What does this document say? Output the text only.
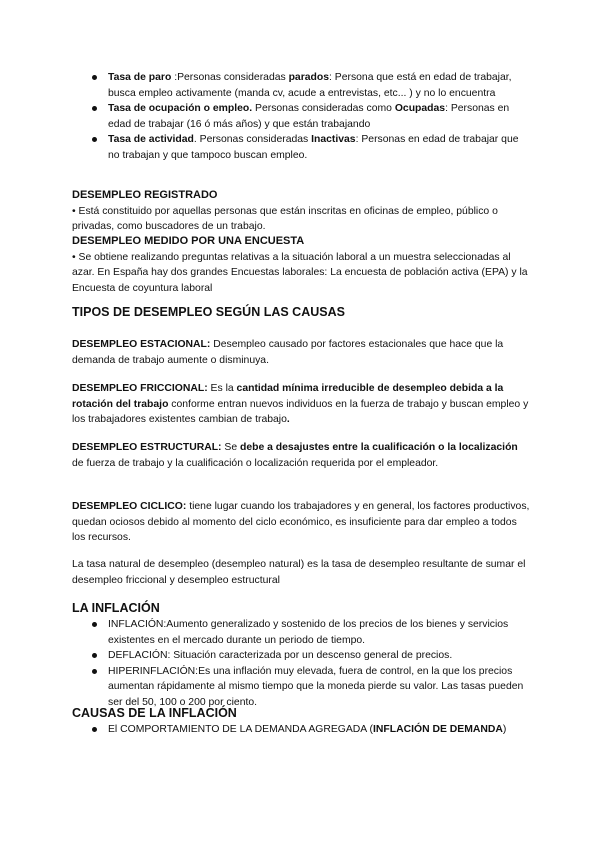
Tasa de paro :Personas consideradas parados: Persona que está en edad de trabajar, busca empleo activamente (manda cv, acude a entrevistas, etc... ) y no lo encuentra
Tasa de ocupación o empleo. Personas consideradas como Ocupadas: Personas en edad de trabajar (16 ó más años) y que están trabajando
Tasa de actividad. Personas consideradas Inactivas: Personas en edad de trabajar que no trabajan y que tampoco buscan empleo.
DESEMPLEO REGISTRADO
• Está constituido por aquellas personas que están inscritas en oficinas de empleo, público o privadas, como buscadores de un trabajo.
DESEMPLEO MEDIDO POR UNA ENCUESTA
• Se obtiene realizando preguntas relativas a la situación laboral a un muestra seleccionadas al azar. En España hay dos grandes Encuestas laborales: La encuesta de población activa (EPA) y la Encuesta de coyuntura laboral
TIPOS DE DESEMPLEO SEGÚN LAS CAUSAS
DESEMPLEO ESTACIONAL: Desempleo causado por factores estacionales que hace que la demanda de trabajo aumente o disminuya.
DESEMPLEO FRICCIONAL: Es la cantidad mínima irreducible de desempleo debida a la rotación del trabajo conforme entran nuevos individuos en la fuerza de trabajo y buscan empleo y los trabajadores existentes cambian de trabajo.
DESEMPLEO ESTRUCTURAL: Se debe a desajustes entre la cualificación o la localización de fuerza de trabajo y la cualificación o localización requerida por el empleador.
DESEMPLEO CICLICO: tiene lugar cuando los trabajadores y en general, los factores productivos, quedan ociosos debido al momento del ciclo económico, es insuficiente para dar empleo a todos los recursos.
La tasa natural de desempleo (desempleo natural) es la tasa de desempleo resultante de sumar el desempleo friccional y desempleo estructural
LA INFLACIÓN
INFLACIÓN:Aumento generalizado y sostenido de los precios de los bienes y servicios existentes en el mercado durante un periodo de tiempo.
DEFLACIÓN: Situación caracterizada por un descenso general de precios.
HIPERINFLACIÓN:Es una inflación muy elevada, fuera de control, en la que los precios aumentan rápidamente al mismo tiempo que la moneda pierde su valor. Las tasas pueden ser del 50, 100 o 200 por ciento.
CAUSAS DE LA INFLACIÓN
El COMPORTAMIENTO DE LA DEMANDA AGREGADA (INFLACIÓN DE DEMANDA)
